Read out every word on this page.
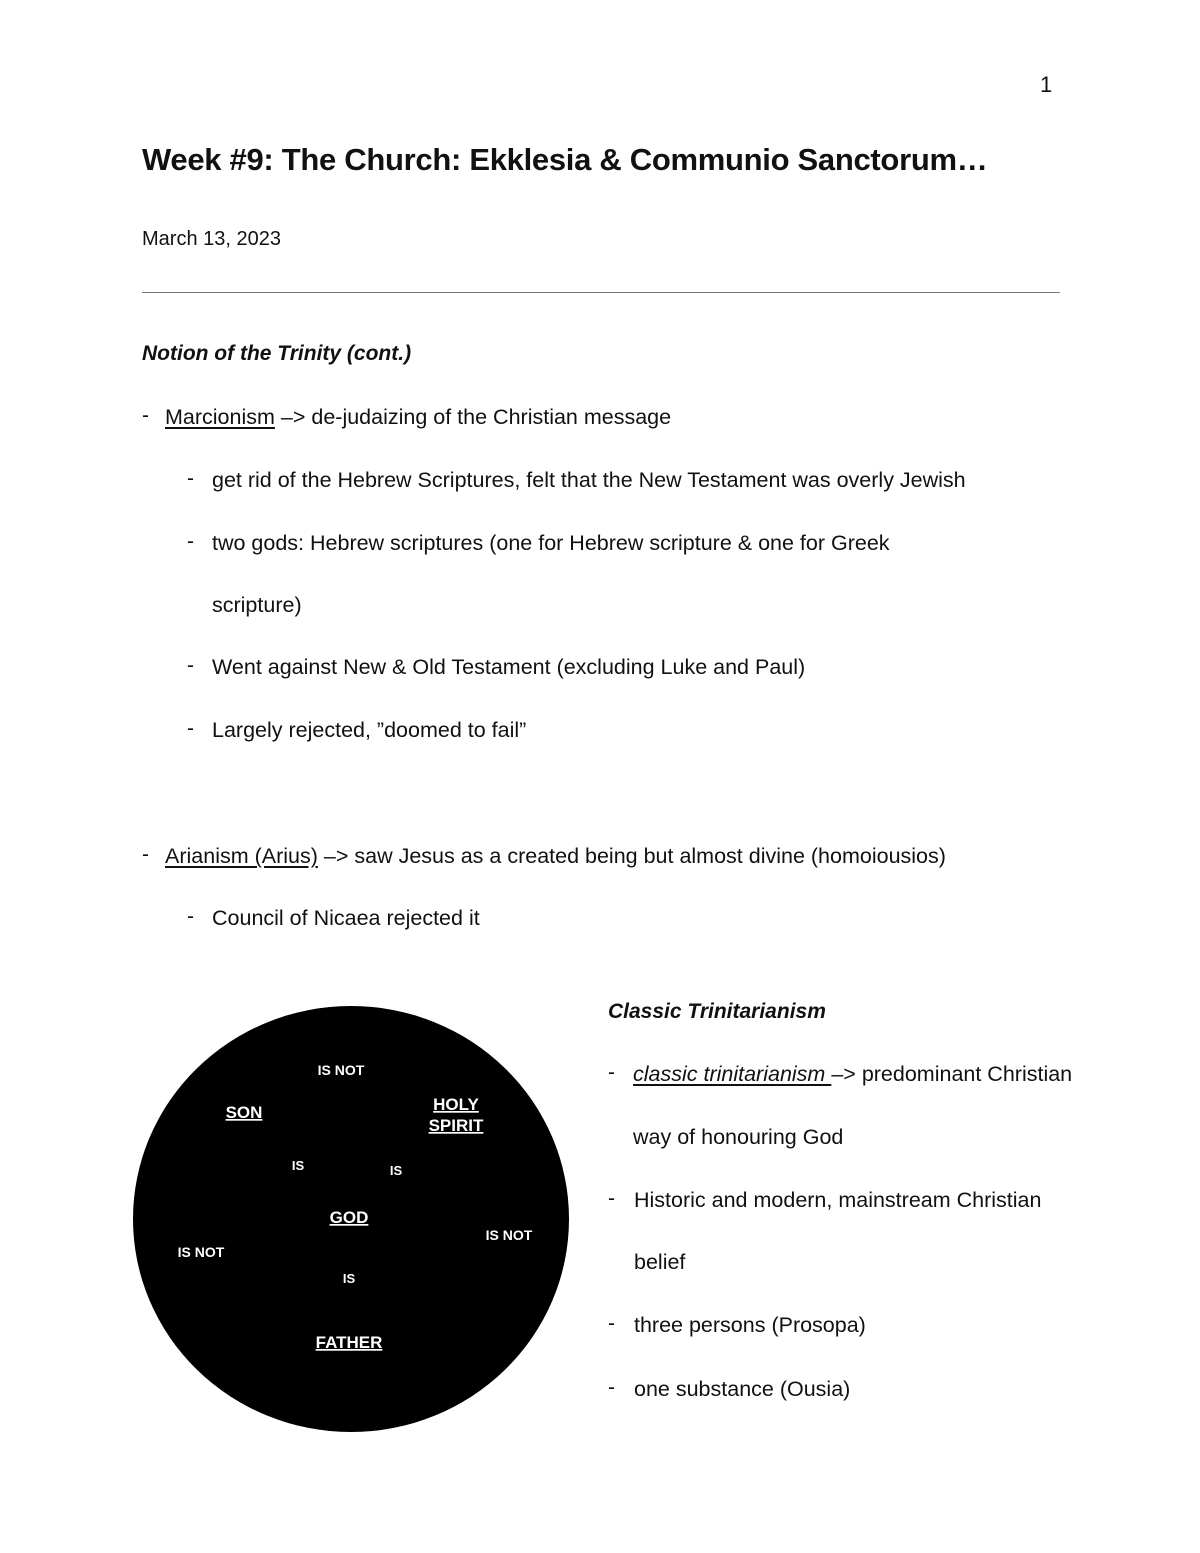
1
Week #9: The Church: Ekklesia & Communio Sanctorum…
March 13, 2023
Notion of the Trinity (cont.)
- Marcionism –> de-judaizing of the Christian message
- get rid of the Hebrew Scriptures, felt that the New Testament was overly Jewish
- two gods: Hebrew scriptures (one for Hebrew scripture & one for Greek
scripture)
- Went against New & Old Testament (excluding Luke and Paul)
- Largely rejected, ”doomed to fail”
- Arianism (Arius) –> saw Jesus as a created being but almost divine (homoiousios)
- Council of Nicaea rejected it
IS NOT
SON	HOLY
SPIRIT
IS	IS
GOD
IS NOT
IS NOT
IS
FATHER
Classic Trinitarianism
- classic trinitarianism –> predominant Christian
way of honouring God
- Historic and modern, mainstream Christian
belief
- three persons (Prosopa)
- one substance (Ousia)
